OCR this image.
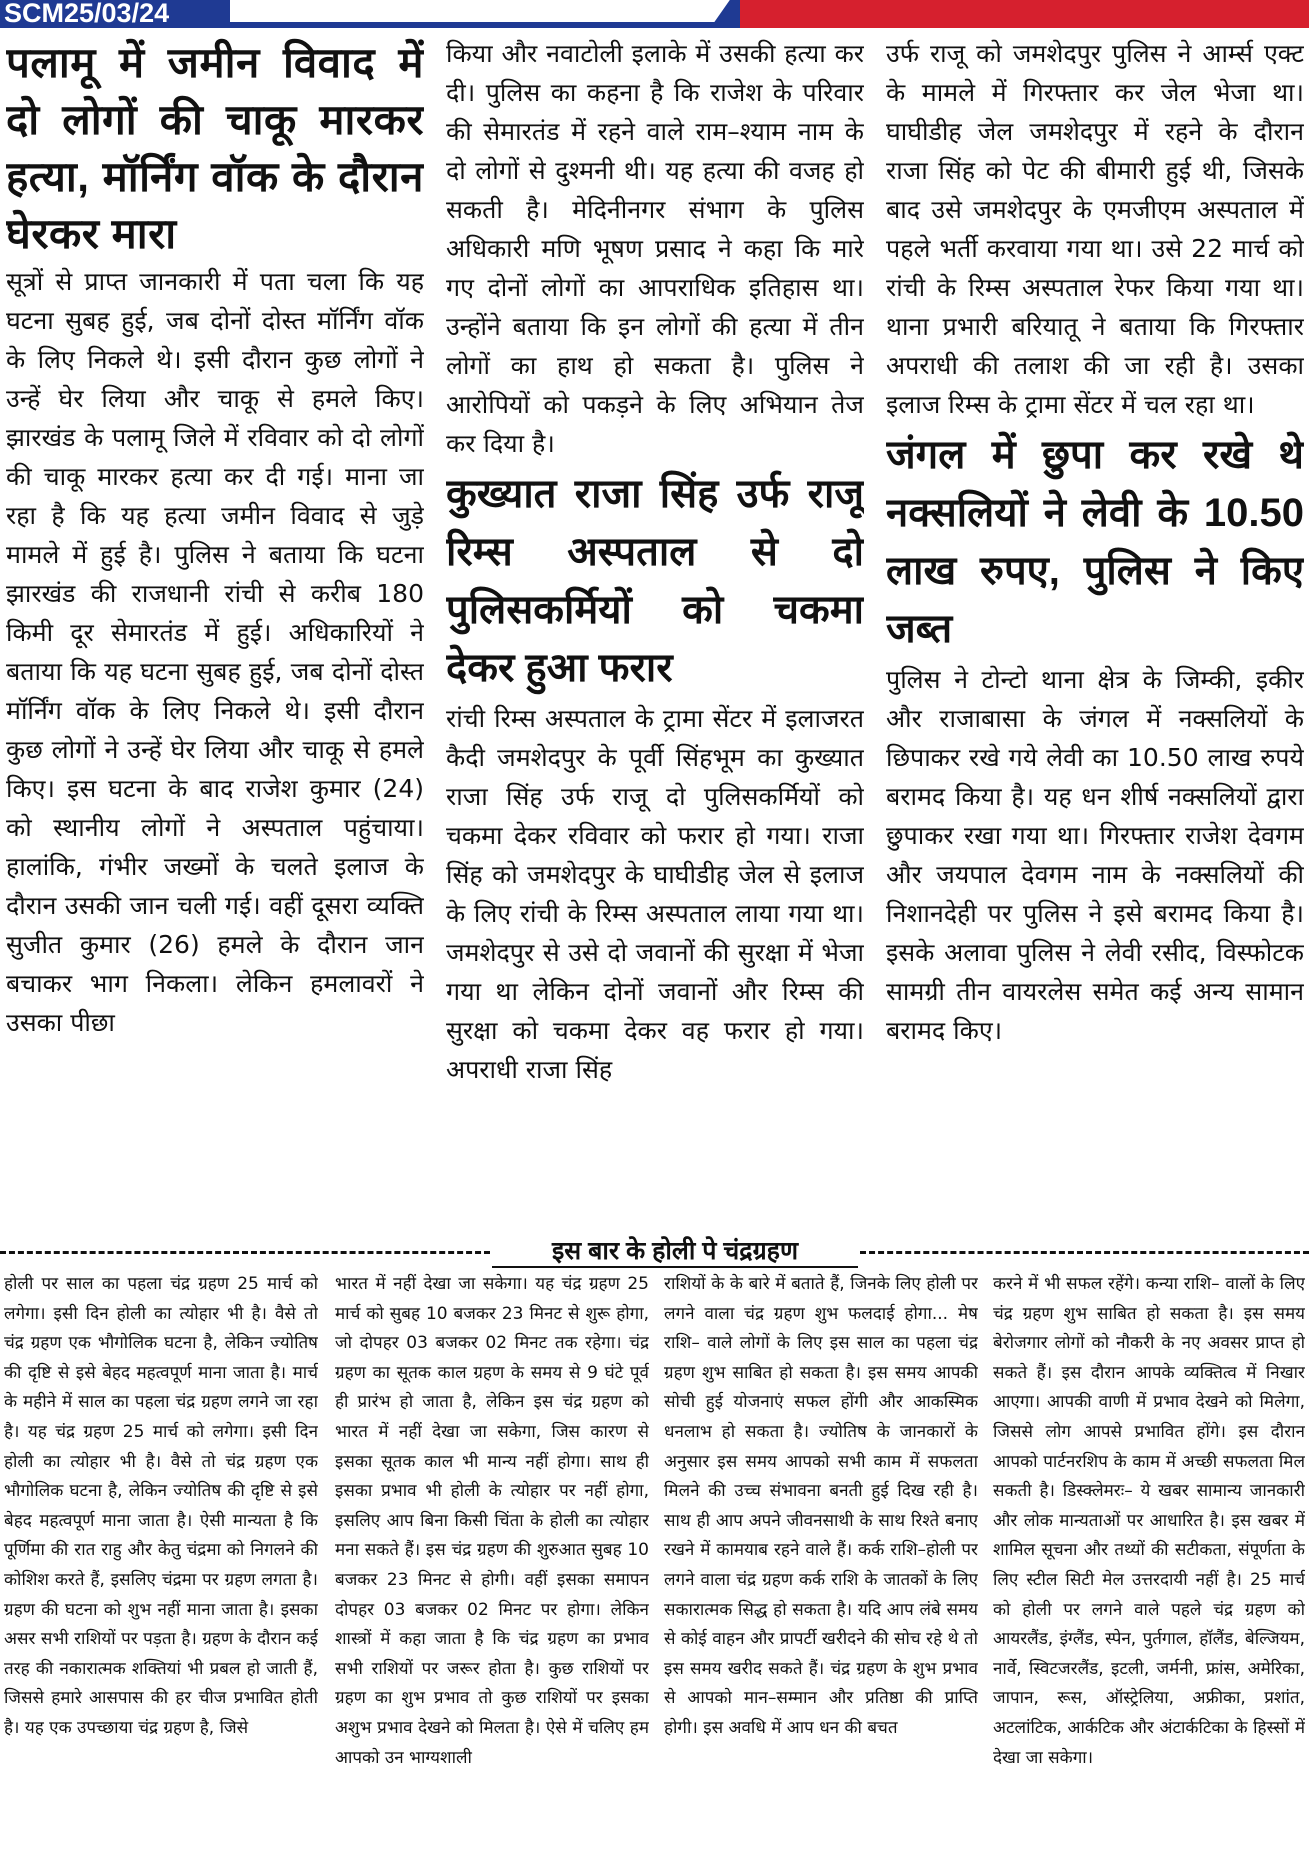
SCM25/03/24
पलामू में जमीन विवाद में दो लोगों की चाकू मारकर हत्या, मॉर्निंग वॉक के दौरान घेरकर मारा

सूत्रों से प्राप्त जानकारी में पता चला कि यह घटना सुबह हुई, जब दोनों दोस्त मॉर्निंग वॉक के लिए निकले थे। इसी दौरान कुछ लोगों ने उन्हें घेर लिया और चाकू से हमले किए। झारखंड के पलामू जिले में रविवार को दो लोगों की चाकू मारकर हत्या कर दी गई। माना जा रहा है कि यह हत्या जमीन विवाद से जुड़े मामले में हुई है। पुलिस ने बताया कि घटना झारखंड की राजधानी रांची से करीब 180 किमी दूर सेमारतंड में हुई। अधिकारियों ने बताया कि यह घटना सुबह हुई, जब दोनों दोस्त मॉर्निंग वॉक के लिए निकले थे। इसी दौरान कुछ लोगों ने उन्हें घेर लिया और चाकू से हमले किए। इस घटना के बाद राजेश कुमार (24) को स्थानीय लोगों ने अस्पताल पहुंचाया। हालांकि, गंभीर जख्मों के चलते इलाज के दौरान उसकी जान चली गई। वहीं दूसरा व्यक्ति सुजीत कुमार (26) हमले के दौरान जान बचाकर भाग निकला। लेकिन हमलावरों ने उसका पीछा

किया और नवाटोली इलाके में उसकी हत्या कर दी। पुलिस का कहना है कि राजेश के परिवार की सेमारतंड में रहने वाले राम–श्याम नाम के दो लोगों से दुश्मनी थी। यह हत्या की वजह हो सकती है। मेदिनीनगर संभाग के पुलिस अधिकारी मणि भूषण प्रसाद ने कहा कि मारे गए दोनों लोगों का आपराधिक इतिहास था। उन्होंने बताया कि इन लोगों की हत्या में तीन लोगों का हाथ हो सकता है। पुलिस ने आरोपियों को पकड़ने के लिए अभियान तेज कर दिया है।

कुख्यात राजा सिंह उर्फ राजू रिम्स अस्पताल से दो पुलिसकर्मियों को चकमा देकर हुआ फरार

रांची रिम्स अस्पताल के ट्रामा सेंटर में इलाजरत कैदी जमशेदपुर के पूर्वी सिंहभूम का कुख्यात राजा सिंह उर्फ राजू दो पुलिसकर्मियों को चकमा देकर रविवार को फरार हो गया। राजा सिंह को जमशेदपुर के घाघीडीह जेल से इलाज के लिए रांची के रिम्स अस्पताल लाया गया था। जमशेदपुर से उसे दो जवानों की सुरक्षा में भेजा गया था लेकिन दोनों जवानों और रिम्स की सुरक्षा को चकमा देकर वह फरार हो गया। अपराधी राजा सिंह

उर्फ राजू को जमशेदपुर पुलिस ने आर्म्स एक्ट के मामले में गिरफ्तार कर जेल भेजा था। घाघीडीह जेल जमशेदपुर में रहने के दौरान राजा सिंह को पेट की बीमारी हुई थी, जिसके बाद उसे जमशेदपुर के एमजीएम अस्पताल में पहले भर्ती करवाया गया था। उसे 22 मार्च को रांची के रिम्स अस्पताल रेफर किया गया था। थाना प्रभारी बरियातू ने बताया कि गिरफ्तार अपराधी की तलाश की जा रही है। उसका इलाज रिम्स के ट्रामा सेंटर में चल रहा था।

जंगल में छुपा कर रखे थे नक्सलियों ने लेवी के 10.50 लाख रुपए, पुलिस ने किए जब्त

पुलिस ने टोन्टो थाना क्षेत्र के जिम्की, इकीर और राजाबासा के जंगल में नक्सलियों के छिपाकर रखे गये लेवी का 10.50 लाख रुपये बरामद किया है। यह धन शीर्ष नक्सलियों द्वारा छुपाकर रखा गया था। गिरफ्तार राजेश देवगम और जयपाल देवगम नाम के नक्सलियों की निशानदेही पर पुलिस ने इसे बरामद किया है। इसके अलावा पुलिस ने लेवी रसीद, विस्फोटक सामग्री तीन वायरलेस समेत कई अन्य सामान बरामद किए।

इस बार के होली पे चंद्रग्रहण
होली पर साल का पहला चंद्र ग्रहण 25 मार्च को लगेगा। इसी दिन होली का त्योहार भी है। वैसे तो चंद्र ग्रहण एक भौगोलिक घटना है, लेकिन ज्योतिष की दृष्टि से इसे बेहद महत्वपूर्ण माना जाता है। मार्च के महीने में साल का पहला चंद्र ग्रहण लगने जा रहा है। यह चंद्र ग्रहण 25 मार्च को लगेगा। इसी दिन होली का त्योहार भी है। वैसे तो चंद्र ग्रहण एक भौगोलिक घटना है, लेकिन ज्योतिष की दृष्टि से इसे बेहद महत्वपूर्ण माना जाता है। ऐसी मान्यता है कि पूर्णिमा की रात राहु और केतु चंद्रमा को निगलने की कोशिश करते हैं, इसलिए चंद्रमा पर ग्रहण लगता है। ग्रहण की घटना को शुभ नहीं माना जाता है। इसका असर सभी राशियों पर पड़ता है। ग्रहण के दौरान कई तरह की नकारात्मक शक्तियां भी प्रबल हो जाती हैं, जिससे हमारे आसपास की हर चीज प्रभावित होती है। यह एक उपच्छाया चंद्र ग्रहण है, जिसे
भारत में नहीं देखा जा सकेगा। यह चंद्र ग्रहण 25 मार्च को सुबह 10 बजकर 23 मिनट से शुरू होगा, जो दोपहर 03 बजकर 02 मिनट तक रहेगा। चंद्र ग्रहण का सूतक काल ग्रहण के समय से 9 घंटे पूर्व ही प्रारंभ हो जाता है, लेकिन इस चंद्र ग्रहण को भारत में नहीं देखा जा सकेगा, जिस कारण से इसका सूतक काल भी मान्य नहीं होगा। साथ ही इसका प्रभाव भी होली के त्योहार पर नहीं होगा, इसलिए आप बिना किसी चिंता के होली का त्योहार मना सकते हैं। इस चंद्र ग्रहण की शुरुआत सुबह 10 बजकर 23 मिनट से होगी। वहीं इसका समापन दोपहर 03 बजकर 02 मिनट पर होगा। लेकिन शास्त्रों में कहा जाता है कि चंद्र ग्रहण का प्रभाव सभी राशियों पर जरूर होता है। कुछ राशियों पर ग्रहण का शुभ प्रभाव तो कुछ राशियों पर इसका अशुभ प्रभाव देखने को मिलता है। ऐसे में चलिए हम आपको उन भाग्यशाली
राशियों के के बारे में बताते हैं, जिनके लिए होली पर लगने वाला चंद्र ग्रहण शुभ फलदाई होगा... मेष राशि– वाले लोगों के लिए इस साल का पहला चंद्र ग्रहण शुभ साबित हो सकता है। इस समय आपकी सोची हुई योजनाएं सफल होंगी और आकस्मिक धनलाभ हो सकता है। ज्योतिष के जानकारों के अनुसार इस समय आपको सभी काम में सफलता मिलने की उच्च संभावना बनती हुई दिख रही है। साथ ही आप अपने जीवनसाथी के साथ रिश्ते बनाए रखने में कामयाब रहने वाले हैं। कर्क राशि–होली पर लगने वाला चंद्र ग्रहण कर्क राशि के जातकों के लिए सकारात्मक सिद्ध हो सकता है। यदि आप लंबे समय से कोई वाहन और प्रापर्टी खरीदने की सोच रहे थे तो इस समय खरीद सकते हैं। चंद्र ग्रहण के शुभ प्रभाव से आपको मान–सम्मान और प्रतिष्ठा की प्राप्ति होगी। इस अवधि में आप धन की बचत
करने में भी सफल रहेंगे। कन्या राशि– वालों के लिए चंद्र ग्रहण शुभ साबित हो सकता है। इस समय बेरोजगार लोगों को नौकरी के नए अवसर प्राप्त हो सकते हैं। इस दौरान आपके व्यक्तित्व में निखार आएगा। आपकी वाणी में प्रभाव देखने को मिलेगा, जिससे लोग आपसे प्रभावित होंगे। इस दौरान आपको पार्टनरशिप के काम में अच्छी सफलता मिल सकती है। डिस्क्लेमरः– ये खबर सामान्य जानकारी और लोक मान्यताओं पर आधारित है। इस खबर में शामिल सूचना और तथ्यों की सटीकता, संपूर्णता के लिए स्टील सिटी मेल उत्तरदायी नहीं है। 25 मार्च को होली पर लगने वाले पहले चंद्र ग्रहण को आयरलैंड, इंग्लैंड, स्पेन, पुर्तगाल, हॉलैंड, बेल्जियम, नार्वे, स्विटजरलैंड, इटली, जर्मनी, फ्रांस, अमेरिका, जापान, रूस, ऑस्ट्रेलिया, अफ्रीका, प्रशांत, अटलांटिक, आर्कटिक और अंटार्कटिका के हिस्सों में देखा जा सकेगा।
